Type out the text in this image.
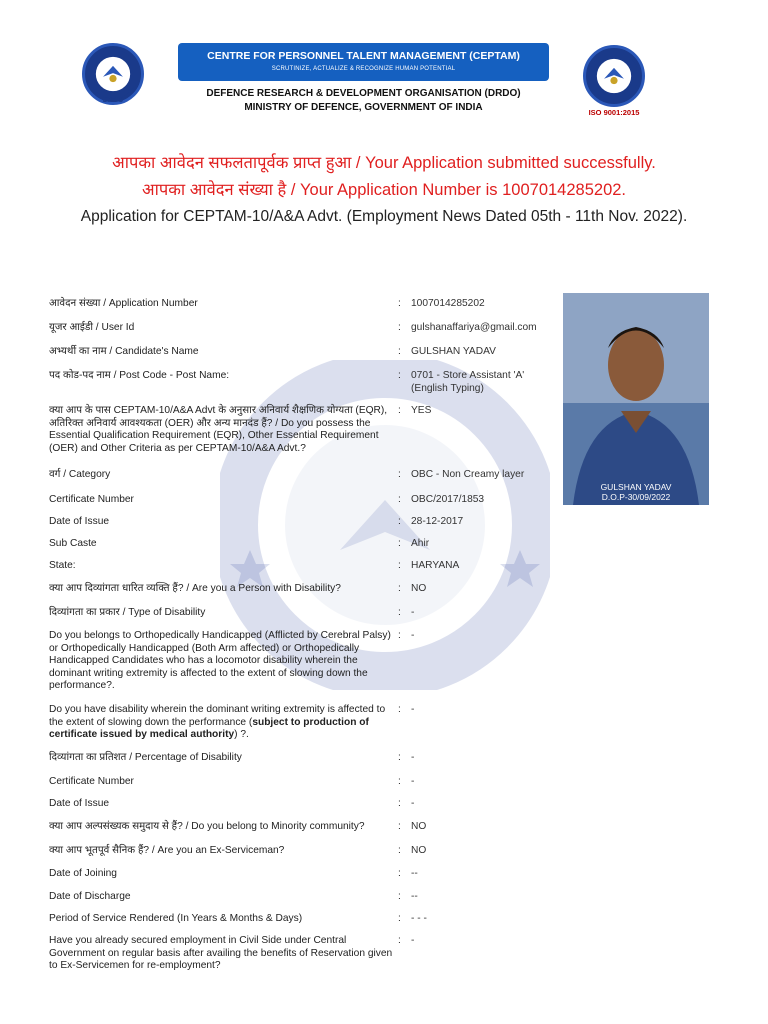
DRDO
CENTRE FOR PERSONNEL TALENT MANAGEMENT (CEPTAM)
SCRUTINIZE, ACTUALIZE & RECOGNIZE HUMAN POTENTIAL
DEFENCE RESEARCH & DEVELOPMENT ORGANISATION (DRDO)
MINISTRY OF DEFENCE, GOVERNMENT OF INDIA	ISO 9001:2015
आपका आवेदन सफलतापूर्वक प्राप्त हुआ / Your Application submitted successfully.
आपका आवेदन संख्या है / Your Application Number is 1007014285202.
Application for CEPTAM-10/A&A Advt. (Employment News Dated 05th - 11th Nov. 2022).
GULSHAN YADAV
D.O.P-30/09/2022
आवेदन संख्या / Application Number	: 1007014285202
यूजर आईडी / User Id	: gulshanaffariya@gmail.com
अभ्यर्थी का नाम / Candidate's Name	: GULSHAN YADAV
पद कोड-पद नाम / Post Code - Post Name:	: 0701 - Store Assistant 'A' (English Typing)
क्या आप के पास CEPTAM-10/A&A Advt के अनुसार अनिवार्य शैक्षणिक योग्यता (EQR), अतिरिक्त अनिवार्य आवश्यकता (OER) और अन्य मानदंड हैं? / Do you possess the Essential Qualification Requirement (EQR), Other Essential Requirement (OER) and Other Criteria as per CEPTAM-10/A&A Advt.?
: YES
वर्ग / Category	: OBC - Non Creamy layer
Certificate Number	: OBC/2017/1853
Date of Issue	: 28-12-2017
Sub Caste	: Ahir
State:	: HARYANA
क्या आप दिव्यांगता धारित व्यक्ति हैं? / Are you a Person with Disability?	: NO
दिव्यांगता का प्रकार / Type of Disability	: -
Do you belongs to Orthopedically Handicapped (Afflicted by Cerebral Palsy) or Orthopedically Handicapped (Both Arm affected) or Orthopedically Handicapped Candidates who has a locomotor disability wherein the dominant writing extremity is affected to the extent of slowing down the performance?.
: -
Do you have disability wherein the dominant writing extremity is affected to the extent of slowing down the performance (subject to production of certificate issued by medical authority) ?.
: -
दिव्यांगता का प्रतिशत / Percentage of Disability	: -
Certificate Number	: -
Date of Issue	: -
क्या आप अल्पसंख्यक समुदाय से हैं? / Do you belong to Minority community?	: NO
क्या आप भूतपूर्व सैनिक हैं? / Are you an Ex-Serviceman?	: NO
Date of Joining	: --
Date of Discharge	: --
Period of Service Rendered (In Years & Months & Days)	: - - -
Have you already secured employment in Civil Side under Central Government on regular basis after availing the benefits of Reservation given to Ex-Servicemen for re-employment?
: -
